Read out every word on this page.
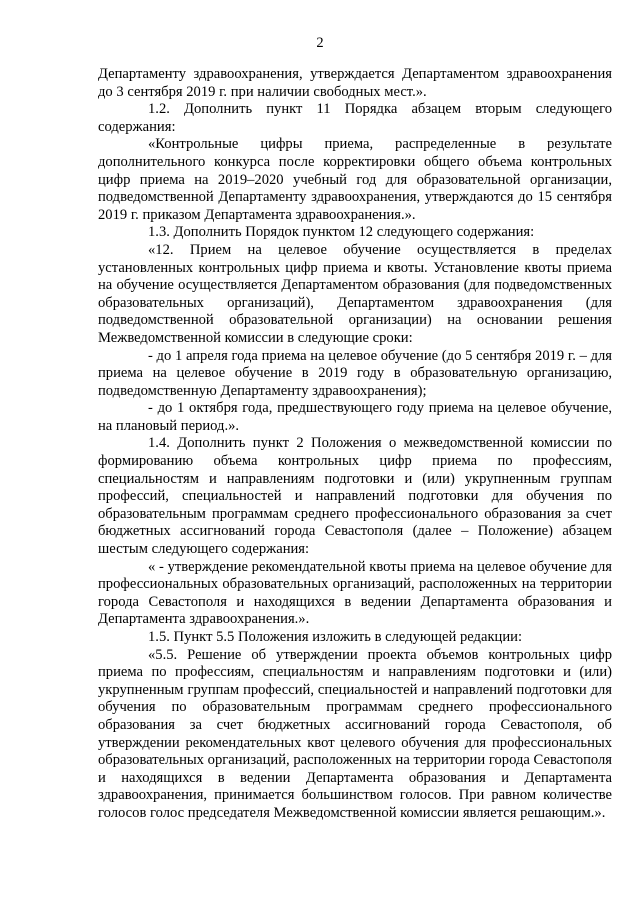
2

Департаменту здравоохранения, утверждается Департаментом здравоохранения до 3 сентября 2019 г. при наличии свободных мест.».

1.2. Дополнить пункт 11 Порядка абзацем вторым следующего содержания:

«Контрольные цифры приема, распределенные в результате дополнительного конкурса после корректировки общего объема контрольных цифр приема на 2019–2020 учебный год для образовательной организации, подведомственной Департаменту здравоохранения, утверждаются до 15 сентября 2019 г. приказом Департамента здравоохранения.».

1.3. Дополнить Порядок пунктом 12 следующего содержания:

«12. Прием на целевое обучение осуществляется в пределах установленных контрольных цифр приема и квоты. Установление квоты приема на обучение осуществляется Департаментом образования (для подведомственных образовательных организаций), Департаментом здравоохранения (для подведомственной образовательной организации) на основании решения Межведомственной комиссии в следующие сроки:

- до 1 апреля года приема на целевое обучение (до 5 сентября 2019 г. – для приема на целевое обучение в 2019 году в образовательную организацию, подведомственную Департаменту здравоохранения);

- до 1 октября года, предшествующего году приема на целевое обучение, на плановый период.».

1.4. Дополнить пункт 2 Положения о межведомственной комиссии по формированию объема контрольных цифр приема по профессиям, специальностям и направлениям подготовки и (или) укрупненным группам профессий, специальностей и направлений подготовки для обучения по образовательным программам среднего профессионального образования за счет бюджетных ассигнований города Севастополя (далее – Положение) абзацем шестым следующего содержания:

« - утверждение рекомендательной квоты приема на целевое обучение для профессиональных образовательных организаций, расположенных на территории города Севастополя и находящихся в ведении Департамента образования и Департамента здравоохранения.».

1.5. Пункт 5.5 Положения изложить в следующей редакции:

«5.5. Решение об утверждении проекта объемов контрольных цифр приема по профессиям, специальностям и направлениям подготовки и (или) укрупненным группам профессий, специальностей и направлений подготовки для обучения по образовательным программам среднего профессионального образования за счет бюджетных ассигнований города Севастополя, об утверждении рекомендательных квот целевого обучения для профессиональных образовательных организаций, расположенных на территории города Севастополя и находящихся в ведении Департамента образования и Департамента здравоохранения, принимается большинством голосов. При равном количестве голосов голос председателя Межведомственной комиссии является решающим.».
